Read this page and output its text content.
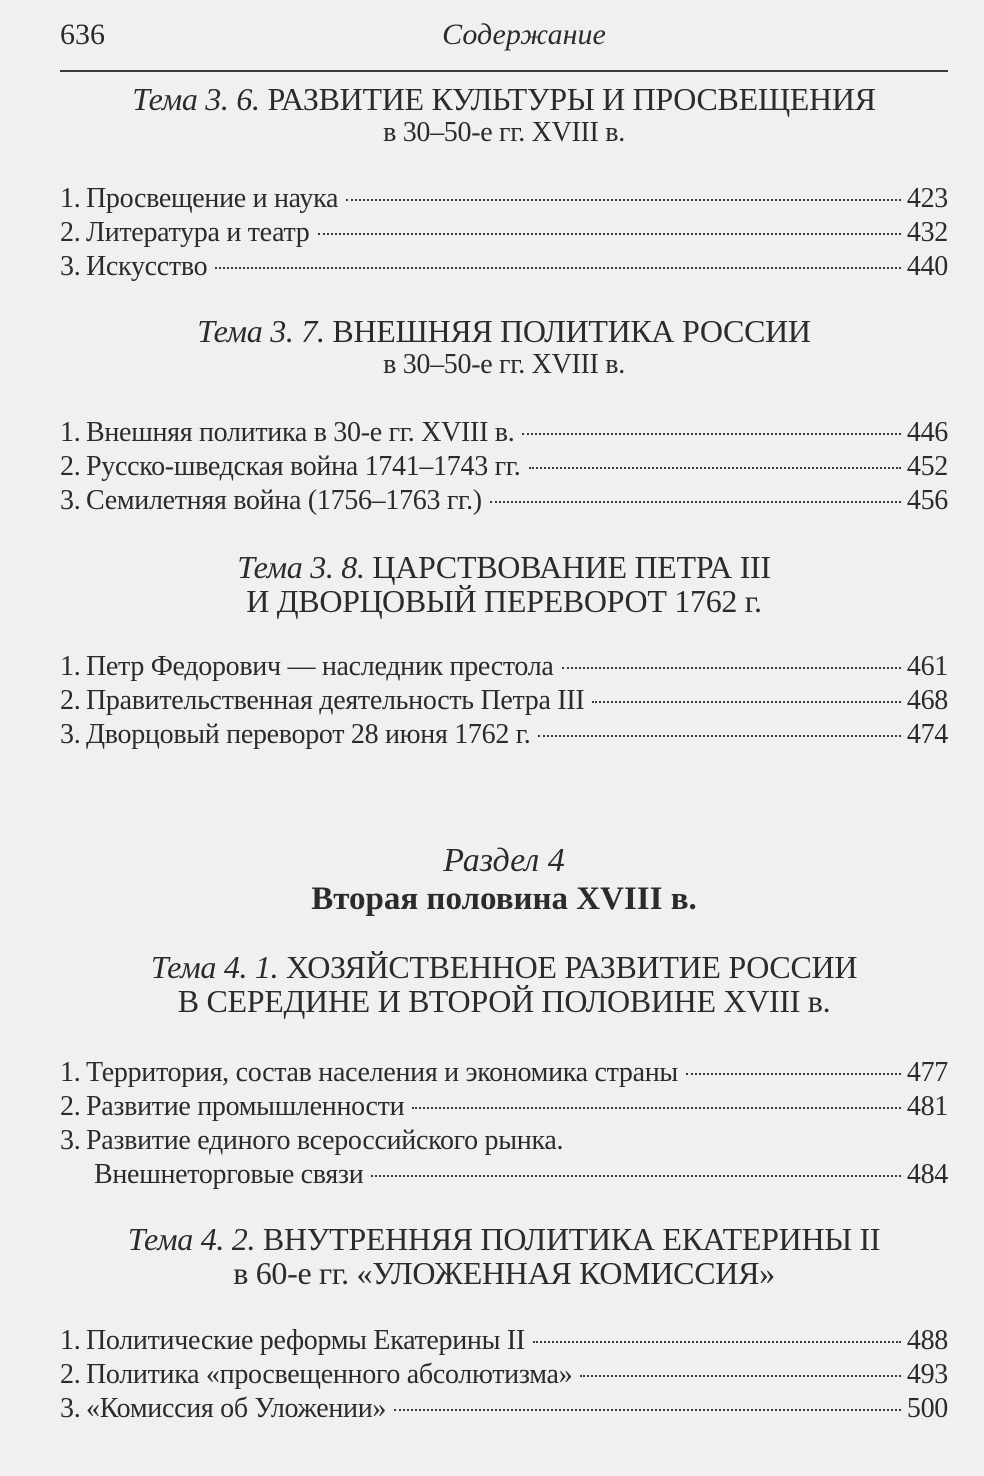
636	Содержание
Тема 3. 6. РАЗВИТИЕ КУЛЬТУРЫ И ПРОСВЕЩЕНИЯ
в 30–50-е гг. XVIII в.
1. Просвещение и наука	423
2. Литература и театр	432
3. Искусство	440
Тема 3. 7. ВНЕШНЯЯ ПОЛИТИКА РОССИИ
в 30–50-е гг. XVIII в.
1. Внешняя политика в 30-е гг. XVIII в.	446
2. Русско-шведская война 1741–1743 гг.	452
3. Семилетняя война (1756–1763 гг.)	456
Тема 3. 8. ЦАРСТВОВАНИЕ ПЕТРА III
И ДВОРЦОВЫЙ ПЕРЕВОРОТ 1762 г.
1. Петр Федорович — наследник престола	461
2. Правительственная деятельность Петра III	468
3. Дворцовый переворот 28 июня 1762 г.	474
Раздел 4
Вторая половина XVIII в.
Тема 4. 1. ХОЗЯЙСТВЕННОЕ РАЗВИТИЕ РОССИИ
В СЕРЕДИНЕ И ВТОРОЙ ПОЛОВИНЕ XVIII в.
1. Территория, состав населения и экономика страны	477
2. Развитие промышленности	481
3. Развитие единого всероссийского рынка.
Внешнеторговые связи	484
Тема 4. 2. ВНУТРЕННЯЯ ПОЛИТИКА ЕКАТЕРИНЫ II
в 60-е гг. «УЛОЖЕННАЯ КОМИССИЯ»
1. Политические реформы Екатерины II	488
2. Политика «просвещенного абсолютизма»	493
3. «Комиссия об Уложении»	500
